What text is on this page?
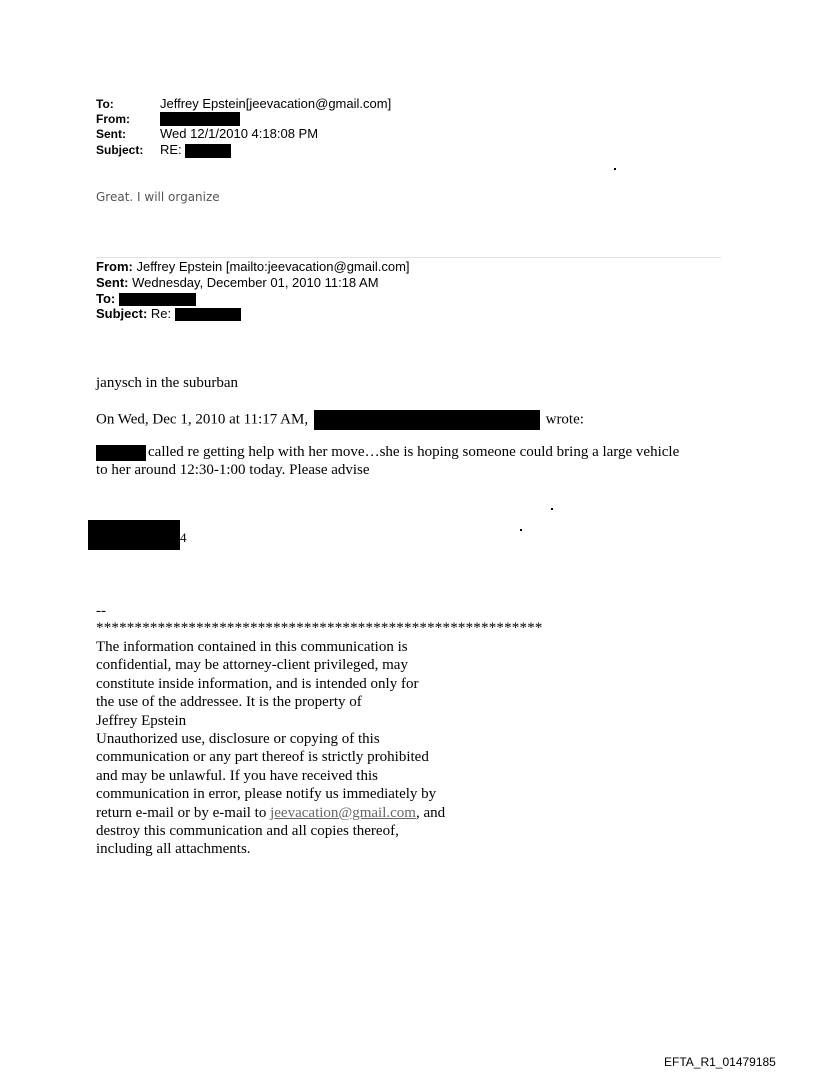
To:	Jeffrey Epstein[jeevacation@gmail.com]
From:
Sent:	Wed 12/1/2010 4:18:08 PM
Subject: RE:
Great. I will organize
From: Jeffrey Epstein [mailto:jeevacation@gmail.com]
Sent: Wednesday, December 01, 2010 11:18 AM
To:
Subject: Re:
janysch in the suburban
On Wed, Dec 1, 2010 at 11:17 AM,	wrote:
called re getting help with her move…she is hoping someone could bring a large vehicle
to her around 12:30-1:00 today. Please advise
4
--
**********************************************************
The information contained in this communication is
confidential, may be attorney-client privileged, may
constitute inside information, and is intended only for
the use of the addressee. It is the property of
Jeffrey Epstein
Unauthorized use, disclosure or copying of this
communication or any part thereof is strictly prohibited
and may be unlawful. If you have received this
communication in error, please notify us immediately by
return e-mail or by e-mail to jeevacation@gmail.com, and
destroy this communication and all copies thereof,
including all attachments.
EFTA_R1_01479185
